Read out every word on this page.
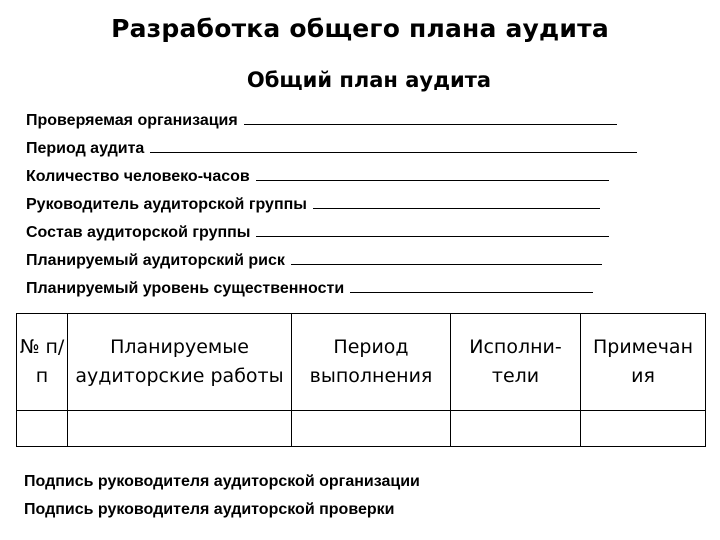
Разработка общего плана аудита
Общий план аудита
Проверяемая организация
Период аудита
Количество человеко-часов
Руководитель аудиторской группы
Состав аудиторской группы
Планируемый аудиторский риск
Планируемый уровень существенности
№ п/п	Планируемые аудиторские работы	Период выполнения	Исполни- тели	Примечан ия

Подпись руководителя аудиторской организации
Подпись руководителя аудиторской проверки
